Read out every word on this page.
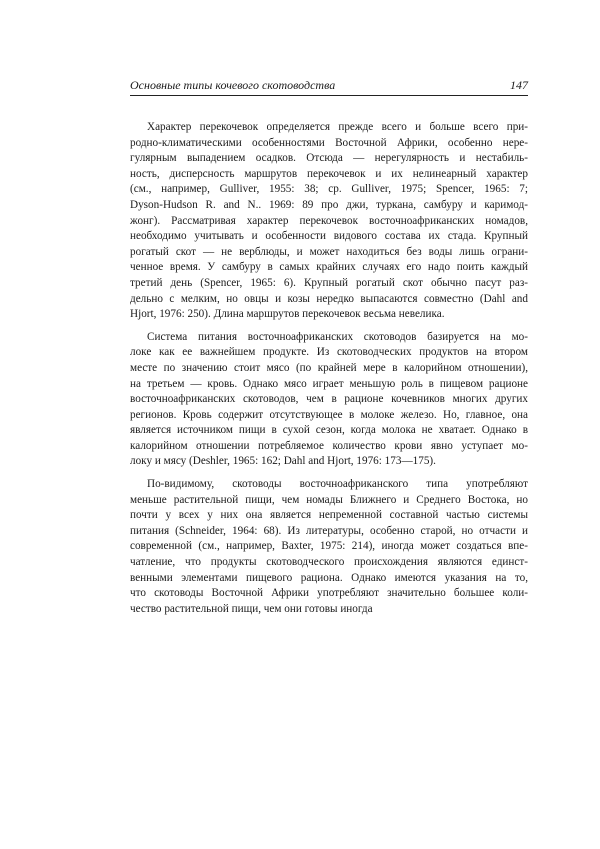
Основные типы кочевого скотоводства	147

Характер перекочевок определяется прежде всего и больше всего при-
родно-климатическими особенностями Восточной Африки, особенно нере-
гулярным выпадением осадков. Отсюда — нерегулярность и нестабиль-
ность, дисперсность маршрутов перекочевок и их нелинеарный характер
(см., например, Gulliver, 1955: 38; ср. Gulliver, 1975; Spencer, 1965: 7;
Dyson-Hudson R. and N.. 1969: 89 про джи, туркана, самбуру и каримод-
жонг). Рассматривая характер перекочевок восточноафриканских номадов,
необходимо учитывать и особенности видового состава их стада. Крупный
рогатый скот — не верблюды, и может находиться без воды лишь ограни-
ченное время. У самбуру в самых крайних случаях его надо поить каждый
третий день (Spencer, 1965: 6). Крупный рогатый скот обычно пасут раз-
дельно с мелким, но овцы и козы нередко выпасаются совместно (Dahl and
Hjort, 1976: 250). Длина маршрутов перекочевок весьма невелика.

Система питания восточноафриканских скотоводов базируется на мо-
локе как ее важнейшем продукте. Из скотоводческих продуктов на втором
месте по значению стоит мясо (по крайней мере в калорийном отношении),
на третьем — кровь. Однако мясо играет меньшую роль в пищевом рационе
восточноафриканских скотоводов, чем в рационе кочевников многих других
регионов. Кровь содержит отсутствующее в молоке железо. Но, главное, она
является источником пищи в сухой сезон, когда молока не хватает. Однако в
калорийном отношении потребляемое количество крови явно уступает мо-
локу и мясу (Deshler, 1965: 162; Dahl and Hjort, 1976: 173—175).

По-видимому, скотоводы восточноафриканского типа употребляют
меньше растительной пищи, чем номады Ближнего и Среднего Востока, но
почти у всех у них она является непременной составной частью системы
питания (Schneider, 1964: 68). Из литературы, особенно старой, но отчасти и
современной (см., например, Baxter, 1975: 214), иногда может создаться впе-
чатление, что продукты скотоводческого происхождения являются единст-
венными элементами пищевого рациона. Однако имеются указания на то,
что скотоводы Восточной Африки употребляют значительно большее коли-
чество растительной пищи, чем они готовы иногда
